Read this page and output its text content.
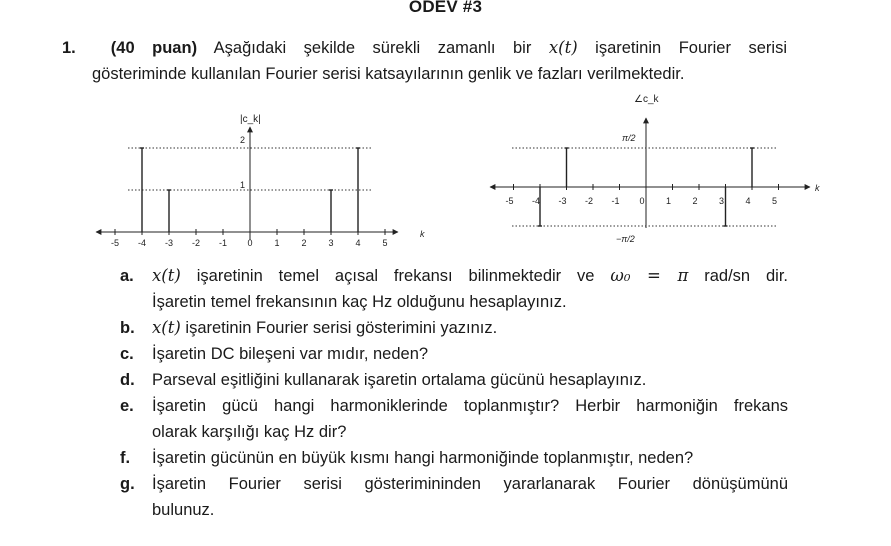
ODEV #3
1. (40 puan) Aşağıdaki şekilde sürekli zamanlı bir x(t) işaretinin Fourier serisi
gösteriminde kullanılan Fourier serisi katsayılarının genlik ve fazları verilmektedir.
|c_k|
k
2
1
-5 -4 -3 -2 -1 0 1 2 3 4 5
∠c_k
k
π/2
−π/2
-5 -4 -3 -2 -1 0 1 2 3 4 5
a. x(t) işaretinin temel açısal frekansı bilinmektedir ve ω₀ = π rad/sn dir.
İşaretin temel frekansının kaç Hz olduğunu hesaplayınız.
b. x(t) işaretinin Fourier serisi gösterimini yazınız.
c. İşaretin DC bileşeni var mıdır, neden?
d. Parseval eşitliğini kullanarak işaretin ortalama gücünü hesaplayınız.
e. İşaretin gücü hangi harmoniklerinde toplanmıştır? Herbir harmoniğin frekans
olarak karşılığı kaç Hz dir?
f. İşaretin gücünün en büyük kısmı hangi harmoniğinde toplanmıştır, neden?
g. İşaretin Fourier serisi gösterimininden yararlanarak Fourier dönüşümünü
bulunuz.
